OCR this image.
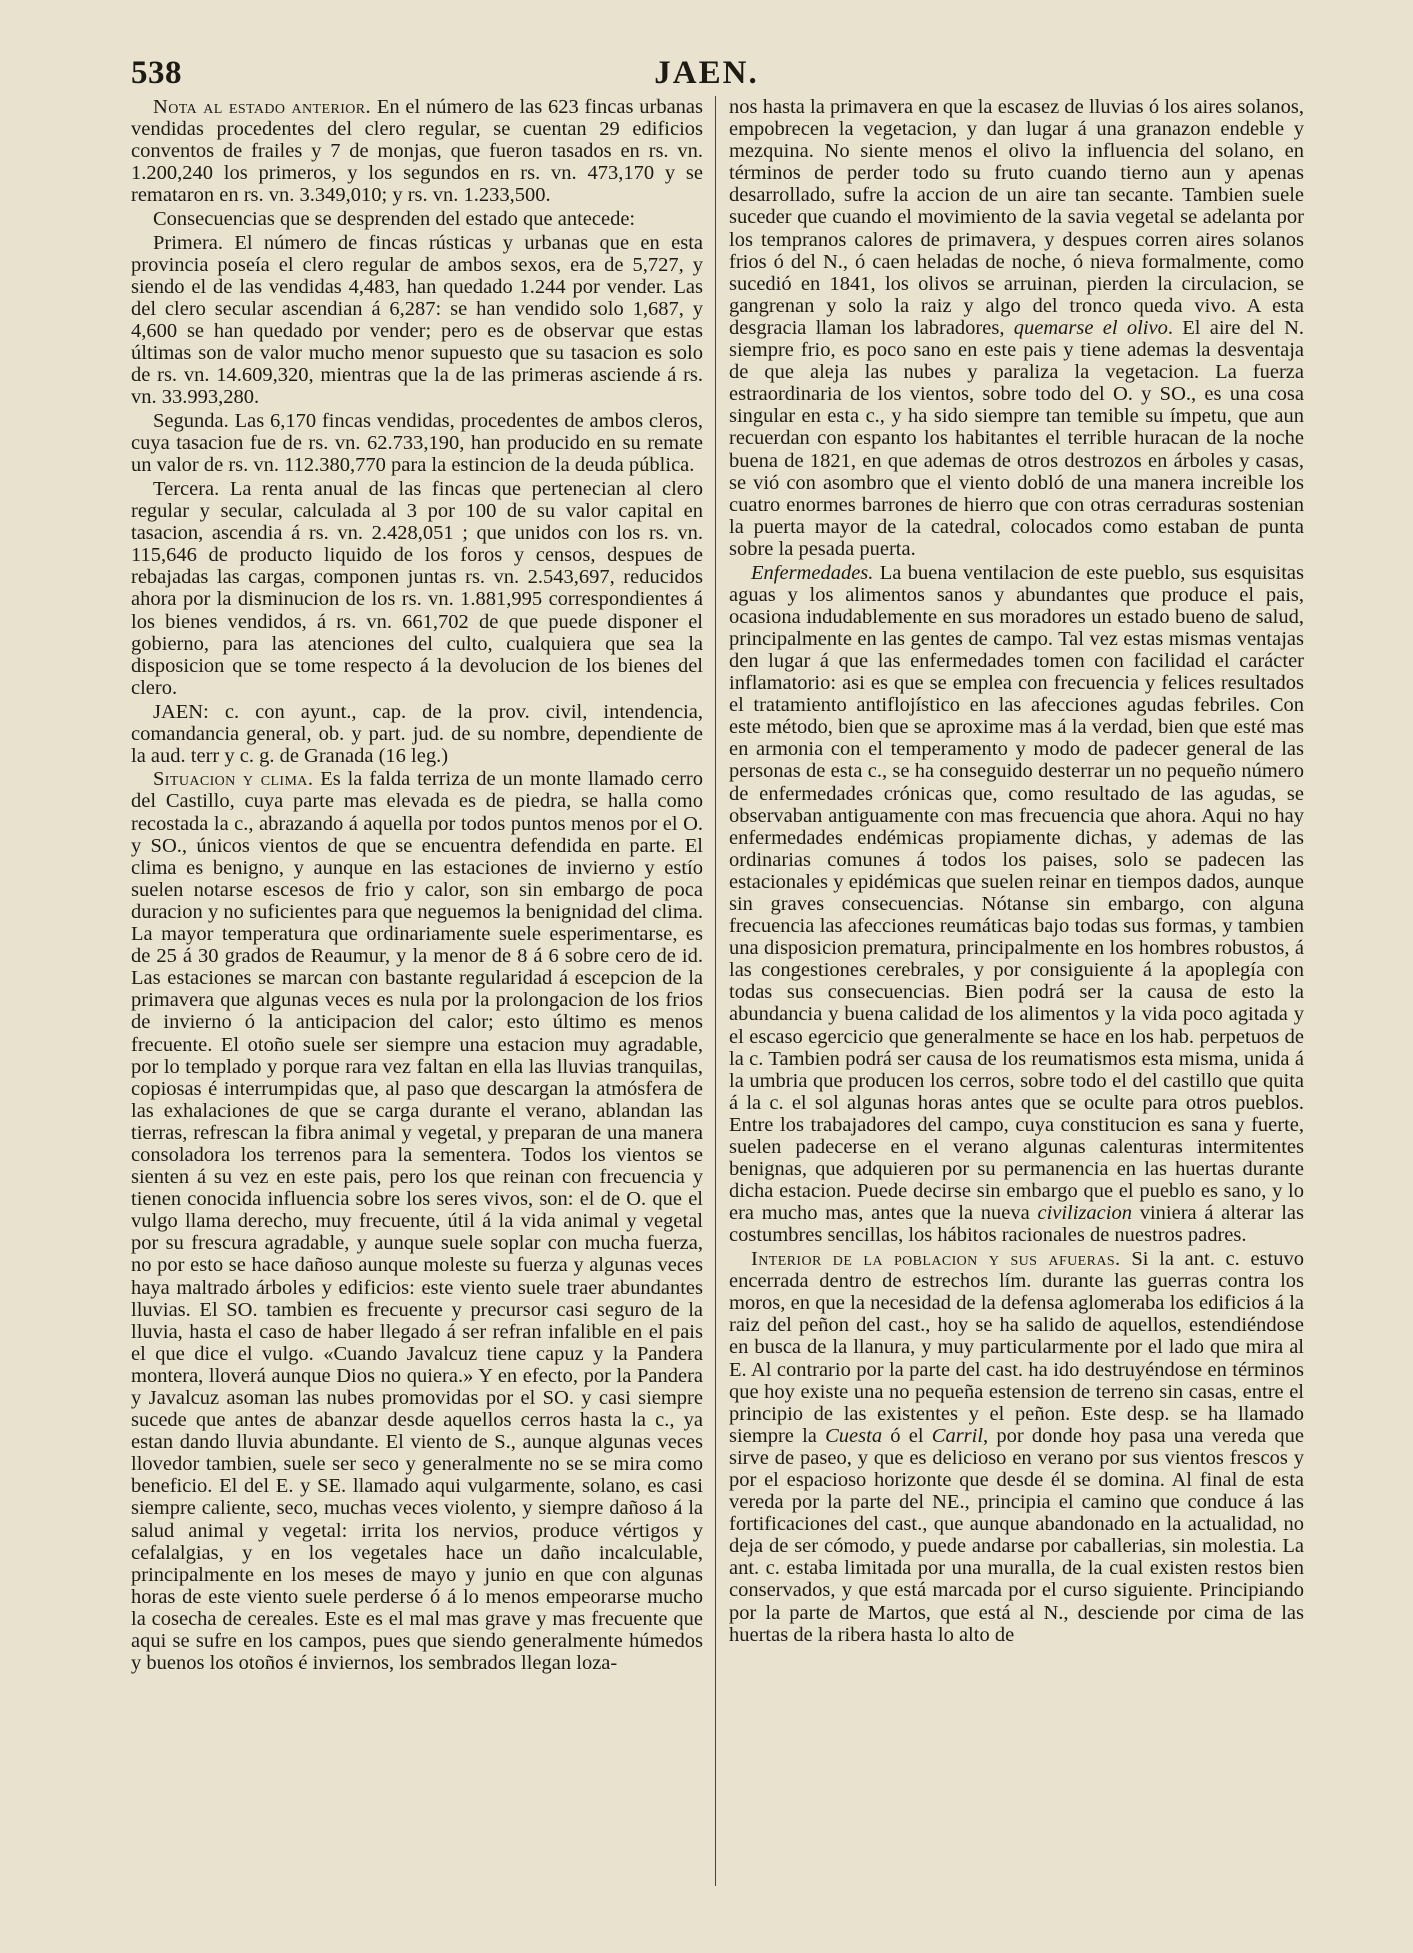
538	JAEN.

Nota al estado anterior. En el número de las 623 fincas urbanas vendidas procedentes del clero regular, se cuentan 29 edificios conventos de frailes y 7 de monjas, que fueron tasados en rs. vn. 1.200,240 los primeros, y los segundos en rs. vn. 473,170 y se remataron en rs. vn. 3.349,010; y rs. vn. 1.233,500.

Consecuencias que se desprenden del estado que antecede:

Primera. El número de fincas rústicas y urbanas que en esta provincia poseía el clero regular de ambos sexos, era de 5,727, y siendo el de las vendidas 4,483, han quedado 1.244 por vender. Las del clero secular ascendian á 6,287: se han vendido solo 1,687, y 4,600 se han quedado por vender; pero es de observar que estas últimas son de valor mucho menor supuesto que su tasacion es solo de rs. vn. 14.609,320, mientras que la de las primeras asciende á rs. vn. 33.993,280.

Segunda. Las 6,170 fincas vendidas, procedentes de ambos cleros, cuya tasacion fue de rs. vn. 62.733,190, han producido en su remate un valor de rs. vn. 112.380,770 para la estincion de la deuda pública.

Tercera. La renta anual de las fincas que pertenecian al clero regular y secular, calculada al 3 por 100 de su valor capital en tasacion, ascendia á rs. vn. 2.428,051 ; que unidos con los rs. vn. 115,646 de producto liquido de los foros y censos, despues de rebajadas las cargas, componen juntas rs. vn. 2.543,697, reducidos ahora por la disminucion de los rs. vn. 1.881,995 correspondientes á los bienes vendidos, á rs. vn. 661,702 de que puede disponer el gobierno, para las atenciones del culto, cualquiera que sea la disposicion que se tome respecto á la devolucion de los bienes del clero.

JAEN: c. con ayunt., cap. de la prov. civil, intendencia, comandancia general, ob. y part. jud. de su nombre, dependiente de la aud. terr y c. g. de Granada (16 leg.)

Situacion y clima. Es la falda terriza de un monte llamado cerro del Castillo, cuya parte mas elevada es de piedra, se halla como recostada la c., abrazando á aquella por todos puntos menos por el O. y SO., únicos vientos de que se encuentra defendida en parte. El clima es benigno, y aunque en las estaciones de invierno y estío suelen notarse escesos de frio y calor, son sin embargo de poca duracion y no suficientes para que neguemos la benignidad del clima. La mayor temperatura que ordinariamente suele esperimentarse, es de 25 á 30 grados de Reaumur, y la menor de 8 á 6 sobre cero de id. Las estaciones se marcan con bastante regularidad á escepcion de la primavera que algunas veces es nula por la prolongacion de los frios de invierno ó la anticipacion del calor; esto último es menos frecuente. El otoño suele ser siempre una estacion muy agradable, por lo templado y porque rara vez faltan en ella las lluvias tranquilas, copiosas é interrumpidas que, al paso que descargan la atmósfera de las exhalaciones de que se carga durante el verano, ablandan las tierras, refrescan la fibra animal y vegetal, y preparan de una manera consoladora los terrenos para la sementera. Todos los vientos se sienten á su vez en este pais, pero los que reinan con frecuencia y tienen conocida influencia sobre los seres vivos, son: el de O. que el vulgo llama derecho, muy frecuente, útil á la vida animal y vegetal por su frescura agradable, y aunque suele soplar con mucha fuerza, no por esto se hace dañoso aunque moleste su fuerza y algunas veces haya maltrado árboles y edificios: este viento suele traer abundantes lluvias. El SO. tambien es frecuente y precursor casi seguro de la lluvia, hasta el caso de haber llegado á ser refran infalible en el pais el que dice el vulgo. «Cuando Javalcuz tiene capuz y la Pandera montera, lloverá aunque Dios no quiera.» Y en efecto, por la Pandera y Javalcuz asoman las nubes promovidas por el SO. y casi siempre sucede que antes de abanzar desde aquellos cerros hasta la c., ya estan dando lluvia abundante. El viento de S., aunque algunas veces llovedor tambien, suele ser seco y generalmente no se se mira como beneficio. El del E. y SE. llamado aqui vulgarmente, solano, es casi siempre caliente, seco, muchas veces violento, y siempre dañoso á la salud animal y vegetal: irrita los nervios, produce vértigos y cefalalgias, y en los vegetales hace un daño incalculable, principalmente en los meses de mayo y junio en que con algunas horas de este viento suele perderse ó á lo menos empeorarse mucho la cosecha de cereales. Este es el mal mas grave y mas frecuente que aqui se sufre en los campos, pues que siendo generalmente húmedos y buenos los otoños é inviernos, los sembrados llegan loza-

nos hasta la primavera en que la escasez de lluvias ó los aires solanos, empobrecen la vegetacion, y dan lugar á una granazon endeble y mezquina. No siente menos el olivo la influencia del solano, en términos de perder todo su fruto cuando tierno aun y apenas desarrollado, sufre la accion de un aire tan secante. Tambien suele suceder que cuando el movimiento de la savia vegetal se adelanta por los tempranos calores de primavera, y despues corren aires solanos frios ó del N., ó caen heladas de noche, ó nieva formalmente, como sucedió en 1841, los olivos se arruinan, pierden la circulacion, se gangrenan y solo la raiz y algo del tronco queda vivo. A esta desgracia llaman los labradores, quemarse el olivo. El aire del N. siempre frio, es poco sano en este pais y tiene ademas la desventaja de que aleja las nubes y paraliza la vegetacion. La fuerza estraordinaria de los vientos, sobre todo del O. y SO., es una cosa singular en esta c., y ha sido siempre tan temible su ímpetu, que aun recuerdan con espanto los habitantes el terrible huracan de la noche buena de 1821, en que ademas de otros destrozos en árboles y casas, se vió con asombro que el viento dobló de una manera increible los cuatro enormes barrones de hierro que con otras cerraduras sostenian la puerta mayor de la catedral, colocados como estaban de punta sobre la pesada puerta.

Enfermedades. La buena ventilacion de este pueblo, sus esquisitas aguas y los alimentos sanos y abundantes que produce el pais, ocasiona indudablemente en sus moradores un estado bueno de salud, principalmente en las gentes de campo. Tal vez estas mismas ventajas den lugar á que las enfermedades tomen con facilidad el carácter inflamatorio: asi es que se emplea con frecuencia y felices resultados el tratamiento antiflojístico en las afecciones agudas febriles. Con este método, bien que se aproxime mas á la verdad, bien que esté mas en armonia con el temperamento y modo de padecer general de las personas de esta c., se ha conseguido desterrar un no pequeño número de enfermedades crónicas que, como resultado de las agudas, se observaban antiguamente con mas frecuencia que ahora. Aqui no hay enfermedades endémicas propiamente dichas, y ademas de las ordinarias comunes á todos los paises, solo se padecen las estacionales y epidémicas que suelen reinar en tiempos dados, aunque sin graves consecuencias. Nótanse sin embargo, con alguna frecuencia las afecciones reumáticas bajo todas sus formas, y tambien una disposicion prematura, principalmente en los hombres robustos, á las congestiones cerebrales, y por consiguiente á la apoplegía con todas sus consecuencias. Bien podrá ser la causa de esto la abundancia y buena calidad de los alimentos y la vida poco agitada y el escaso egercicio que generalmente se hace en los hab. perpetuos de la c. Tambien podrá ser causa de los reumatismos esta misma, unida á la umbria que producen los cerros, sobre todo el del castillo que quita á la c. el sol algunas horas antes que se oculte para otros pueblos. Entre los trabajadores del campo, cuya constitucion es sana y fuerte, suelen padecerse en el verano algunas calenturas intermitentes benignas, que adquieren por su permanencia en las huertas durante dicha estacion. Puede decirse sin embargo que el pueblo es sano, y lo era mucho mas, antes que la nueva civilizacion viniera á alterar las costumbres sencillas, los hábitos racionales de nuestros padres.

Interior de la poblacion y sus afueras. Si la ant. c. estuvo encerrada dentro de estrechos lím. durante las guerras contra los moros, en que la necesidad de la defensa aglomeraba los edificios á la raiz del peñon del cast., hoy se ha salido de aquellos, estendiéndose en busca de la llanura, y muy particularmente por el lado que mira al E. Al contrario por la parte del cast. ha ido destruyéndose en términos que hoy existe una no pequeña estension de terreno sin casas, entre el principio de las existentes y el peñon. Este desp. se ha llamado siempre la Cuesta ó el Carril, por donde hoy pasa una vereda que sirve de paseo, y que es delicioso en verano por sus vientos frescos y por el espacioso horizonte que desde él se domina. Al final de esta vereda por la parte del NE., principia el camino que conduce á las fortificaciones del cast., que aunque abandonado en la actualidad, no deja de ser cómodo, y puede andarse por caballerias, sin molestia. La ant. c. estaba limitada por una muralla, de la cual existen restos bien conservados, y que está marcada por el curso siguiente. Principiando por la parte de Martos, que está al N., desciende por cima de las huertas de la ribera hasta lo alto de
